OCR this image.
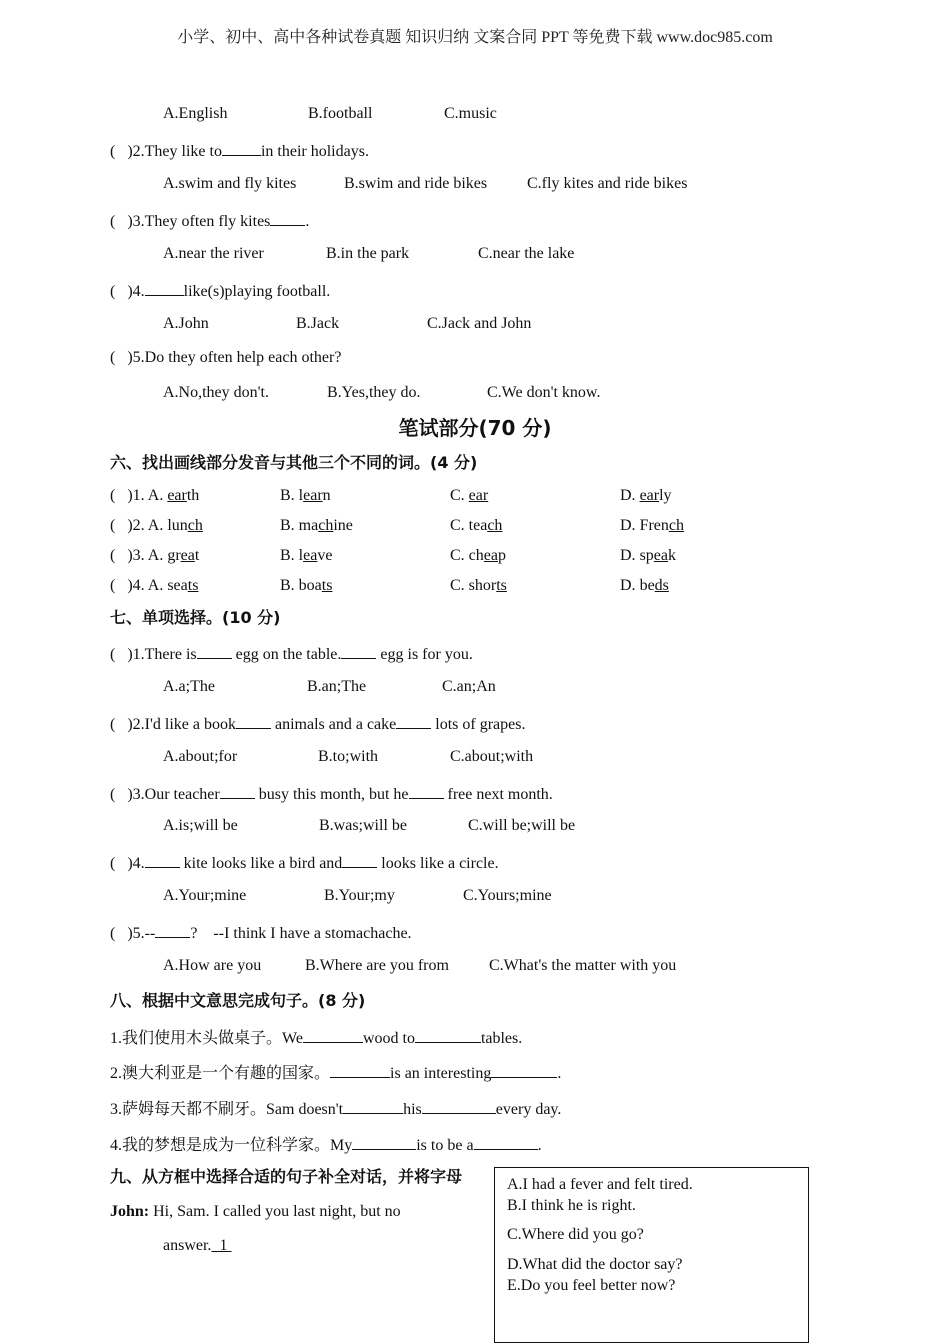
小学、初中、高中各种试卷真题 知识归纳 文案合同 PPT 等免费下载 www.doc985.com
A.English	B.football	C.music
( )2.They like to in their holidays.
A.swim and fly kites	B.swim and ride bikes C.fly kites and ride bikes
( )3.They often fly kites .
A.near the river	B.in the park	C.near the lake
( )4. like(s)playing football.
A.John	B.Jack	C.Jack and John
( )5.Do they often help each other?
A.No,they don't.	B.Yes,they do.	C.We don't know.
笔试部分(70 分)
六、找出画线部分发音与其他三个不同的词。(4 分)
( )1. A. earth	B. learn	C. ear	D. early
( )2. A. lunch	B. machine	C. teach	D. French
( )3. A. great	B. leave	C. cheap	D. speak
( )4. A. seats	B. boats	C. shorts	D. beds
七、单项选择。(10 分)
( )1.There is egg on the table. egg is for you.
A.a;The	B.an;The	C.an;An
( )2.I'd like a book animals and a cake lots of grapes.
A.about;for	B.to;with	C.about;with
( )3.Our teacher busy this month, but he free next month.
A.is;will be	B.was;will be	C.will be;will be
( )4. kite looks like a bird and looks like a circle.
A.Your;mine	B.Your;my	C.Yours;mine
( )5.-- ? --I think I have a stomachache.
A.How are you	B.Where are you from	C.What's the matter with you
八、根据中文意思完成句子。(8 分)
1.我们使用木头做桌子。We	wood to	tables.
2.澳大利亚是一个有趣的国家。	is an interesting	.
3.萨姆每天都不刷牙。Sam doesn't	his	every day.
4.我的梦想是成为一位科学家。My	is to be a	.
九、从方框中选择合适的句子补全对话，并将字母
John: Hi, Sam. I called you last night, but no
answer. 1
A.I had a fever and felt tired.
B.I think he is right.
C.Where did you go?
D.What did the doctor say?
E.Do you feel better now?
